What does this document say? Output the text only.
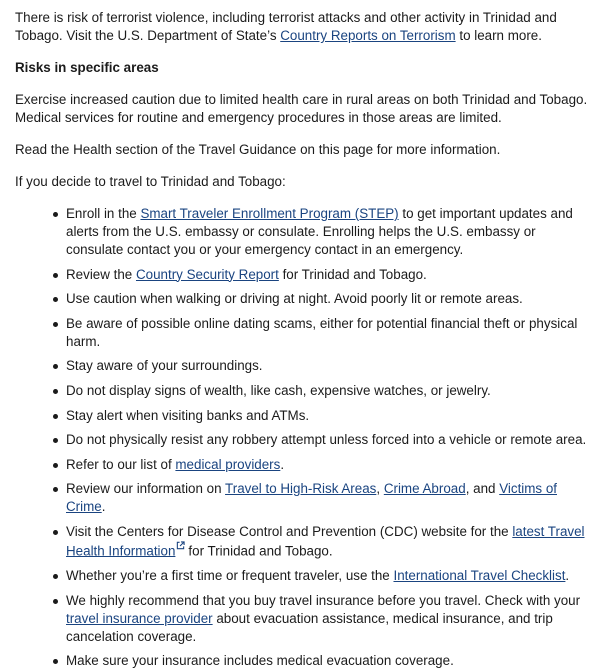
There is risk of terrorist violence, including terrorist attacks and other activity in Trinidad and Tobago. Visit the U.S. Department of State’s Country Reports on Terrorism to learn more.

Risks in specific areas

Exercise increased caution due to limited health care in rural areas on both Trinidad and Tobago. Medical services for routine and emergency procedures in those areas are limited.

Read the Health section of the Travel Guidance on this page for more information.

If you decide to travel to Trinidad and Tobago:

Enroll in the Smart Traveler Enrollment Program (STEP) to get important updates and alerts from the U.S. embassy or consulate. Enrolling helps the U.S. embassy or consulate contact you or your emergency contact in an emergency.
Review the Country Security Report for Trinidad and Tobago.
Use caution when walking or driving at night. Avoid poorly lit or remote areas.
Be aware of possible online dating scams, either for potential financial theft or physical harm.
Stay aware of your surroundings.
Do not display signs of wealth, like cash, expensive watches, or jewelry.
Stay alert when visiting banks and ATMs.
Do not physically resist any robbery attempt unless forced into a vehicle or remote area.
Refer to our list of medical providers.
Review our information on Travel to High-Risk Areas, Crime Abroad, and Victims of Crime.
Visit the Centers for Disease Control and Prevention (CDC) website for the latest Travel Health Information for Trinidad and Tobago.
Whether you’re a first time or frequent traveler, use the International Travel Checklist.
We highly recommend that you buy travel insurance before you travel. Check with your travel insurance provider about evacuation assistance, medical insurance, and trip cancelation coverage.
Make sure your insurance includes medical evacuation coverage.
